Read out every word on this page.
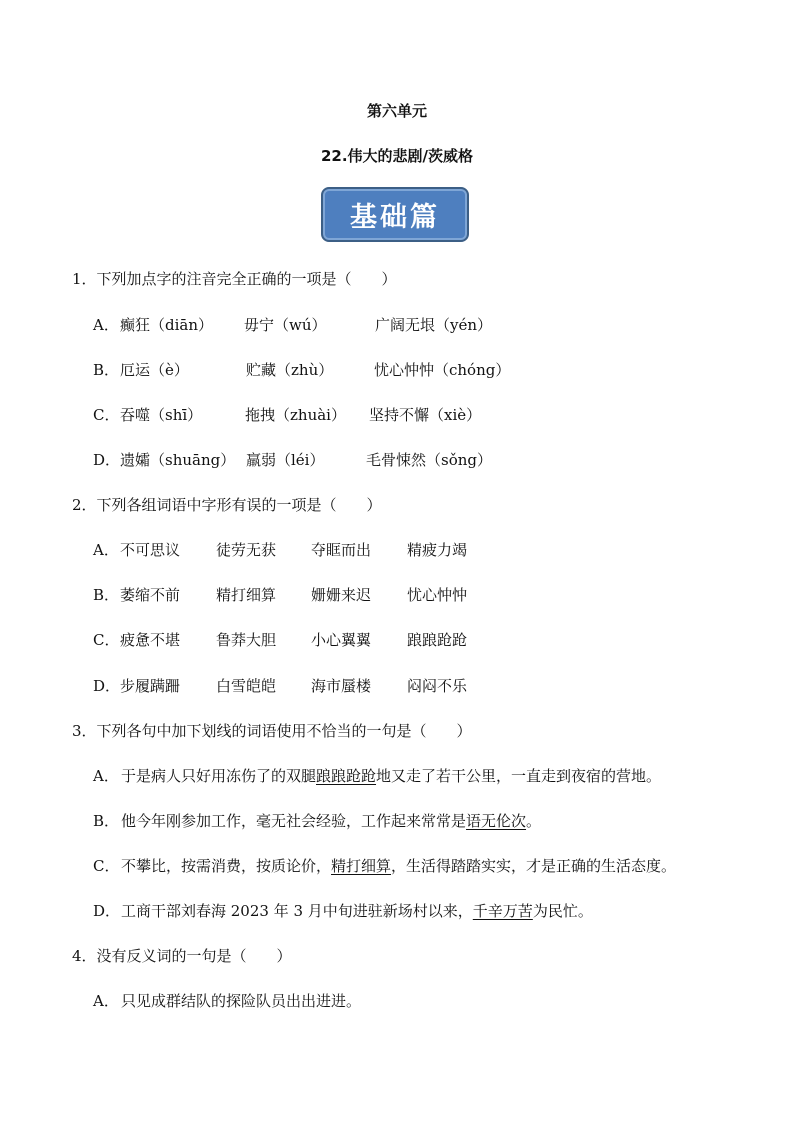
第六单元
22.伟大的悲剧/茨威格
基础篇
1．下列加点字的注音完全正确的一项是（　　）
A． 癫狂（diān） 毋宁（wú）	广阔无垠（yén）
B． 厄运（è）	贮藏（zhù）	忧心忡忡（chóng）
C． 吞噬（shī）	拖拽（zhuài） 坚持不懈（xiè）
D． 遗孀（shuāng） 羸弱（léi）	毛骨悚然（sǒng）
2．下列各组词语中字形有误的一项是（　　）
A． 不可思议 徒劳无获 夺眶而出 精疲力竭
B． 萎缩不前 精打细算 姗姗来迟 忧心忡忡
C． 疲惫不堪 鲁莽大胆 小心翼翼 踉踉跄跄
D． 步履蹒跚 白雪皑皑 海市蜃楼 闷闷不乐
3．下列各句中加下划线的词语使用不恰当的一句是（　　）
A． 于是病人只好用冻伤了的双腿踉踉跄跄地又走了若干公里，一直走到夜宿的营地。
B． 他今年刚参加工作，毫无社会经验，工作起来常常是语无伦次。
C． 不攀比，按需消费，按质论价，精打细算，生活得踏踏实实，才是正确的生活态度。
D．工商干部刘春海 2023 年 3 月中旬进驻新场村以来，千辛万苦为民忙。
4．没有反义词的一句是（　　）
A． 只见成群结队的探险队员出出进进。
